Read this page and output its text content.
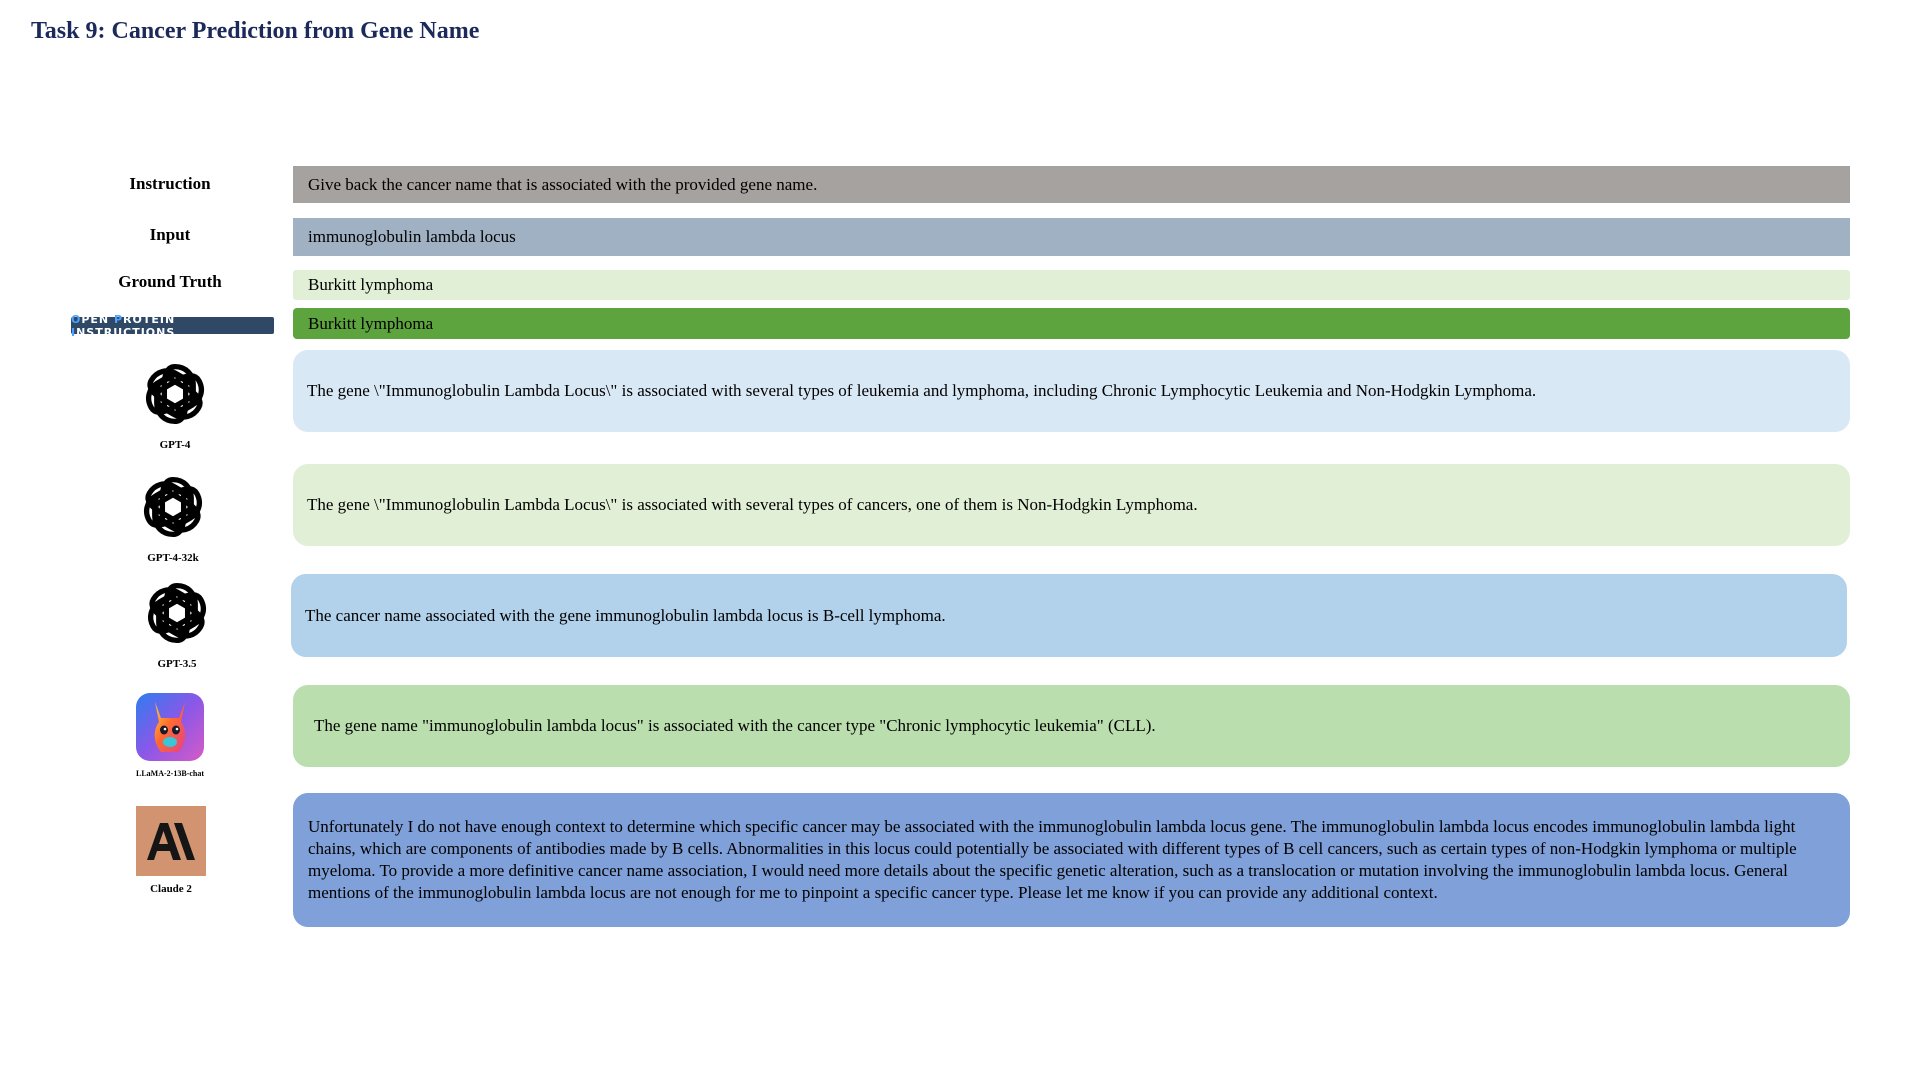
Task 9: Cancer Prediction from Gene Name
Instruction	Give back the cancer name that is associated with the provided gene name.
Input	immunoglobulin lambda locus
Ground Truth	Burkitt lymphoma
OPEN PROTEIN INSTRUCTIONS	Burkitt lymphoma
GPT-4
The gene \"Immunoglobulin Lambda Locus\" is associated with several types of leukemia and lymphoma, including Chronic Lymphocytic Leukemia and Non-Hodgkin Lymphoma.
GPT-4-32k
The gene \"Immunoglobulin Lambda Locus\" is associated with several types of cancers, one of them is Non-Hodgkin Lymphoma.
GPT-3.5
The cancer name associated with the gene immunoglobulin lambda locus is B-cell lymphoma.
LLaMA-2-13B-chat
The gene name "immunoglobulin lambda locus" is associated with the cancer type "Chronic lymphocytic leukemia" (CLL).
Claude 2
Unfortunately I do not have enough context to determine which specific cancer may be associated with the immunoglobulin lambda locus gene. The immunoglobulin lambda locus encodes immunoglobulin lambda light chains, which are components of antibodies made by B cells. Abnormalities in this locus could potentially be associated with different types of B cell cancers, such as certain types of non-Hodgkin lymphoma or multiple myeloma. To provide a more definitive cancer name association, I would need more details about the specific genetic alteration, such as a translocation or mutation involving the immunoglobulin lambda locus. General mentions of the immunoglobulin lambda locus are not enough for me to pinpoint a specific cancer type. Please let me know if you can provide any additional context.
